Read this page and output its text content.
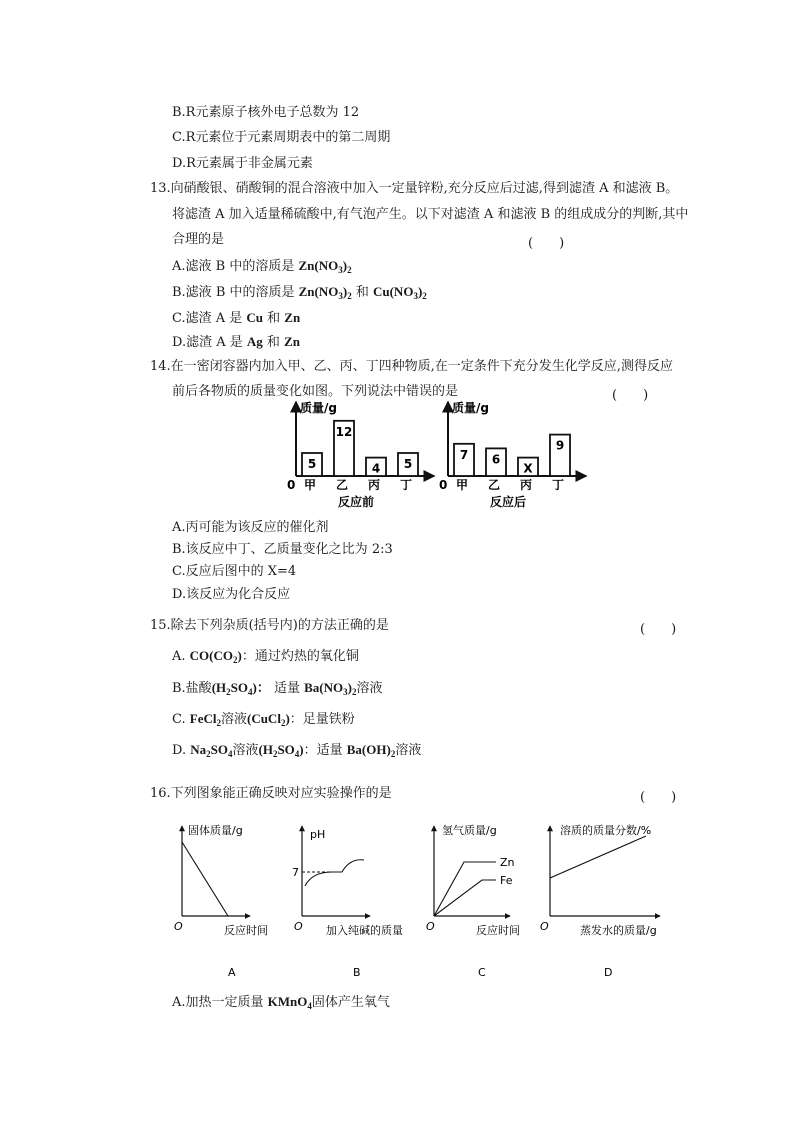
B.R元素原子核外电子总数为 12
C.R元素位于元素周期表中的第二周期
D.R元素属于非金属元素
13.向硝酸银、硝酸铜的混合溶液中加入一定量锌粉,充分反应后过滤,得到滤渣 A 和滤液 B。
将滤渣 A 加入适量稀硫酸中,有气泡产生。以下对滤渣 A 和滤液 B 的组成成分的判断,其中
合理的是	(　　)
A.滤液 B 中的溶质是 $Zn(NO_3)_2$
B.滤液 B 中的溶质是 $Zn(NO_3)_2$ 和 $Cu(NO_3)_2$
C.滤渣 A 是 Cu 和 Zn
D.滤渣 A 是 Ag 和 Zn
14.在一密闭容器内加入甲、乙、丙、丁四种物质,在一定条件下充分发生化学反应,测得反应
前后各物质的质量变化如图。下列说法中错误的是	(　　)
质量/g
0
5
甲
12
乙
4
丙
5
丁
反应前
质量/g
0
7
甲
6
乙
X
丙
9
丁
反应后
A.丙可能为该反应的催化剂
B.该反应中丁、乙质量变化之比为 2:3
C.反应后图中的 X=4
D.该反应为化合反应
15.除去下列杂质(括号内)的方法正确的是	(　　)
A. $CO(CO_2)$：通过灼热的氧化铜
B.盐酸$(H_2SO_4)$： 适量 $Ba(NO_3)_2$溶液
C. FeCl$_2$溶液(CuCl$_2$)：足量铁粉
D. $Na_2SO_4$溶液$(H_2SO_4)$：适量 $Ba(OH)_2$溶液
16.下列图象能正确反映对应实验操作的是	(　　)
固体质量/g
O	反应时间
A
pH
7
O 加入纯碱的质量
B
氢气质量/g
Zn
Fe
O	反应时间
C
溶质的质量分数/%
O	蒸发水的质量/g
D
A.加热一定质量 KMnO$_4$固体产生氧气
